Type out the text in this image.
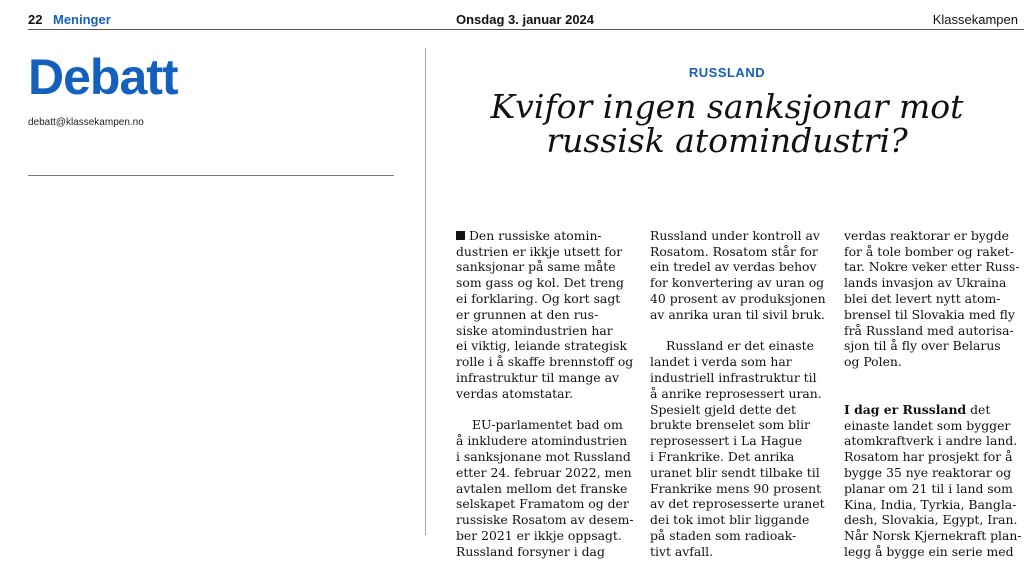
22 Meninger	Onsdag 3. januar 2024	Klassekampen
Debatt
debatt@klassekampen.no
RUSSLAND
Kvifor ingen sanksjonar mot
russisk atomindustri?

Den russiske atomin-
dustrien er ikkje utsett for
sanksjonar på same måte
som gass og kol. Det treng
ei forklaring. Og kort sagt
er grunnen at den rus-
siske atomindustrien har
ei viktig, leiande strategisk
rolle i å skaffe brennstoff og
infrastruktur til mange av
verdas atomstatar.

EU-parlamentet bad om
å inkludere atomindustrien
i sanksjonane mot Russland
etter 24. februar 2022, men
avtalen mellom det franske
selskapet Framatom og der
russiske Rosatom av desem-
ber 2021 er ikkje oppsagt.
Russland forsyner i dag

Russland under kontroll av
Rosatom. Rosatom står for
ein tredel av verdas behov
for konvertering av uran og
40 prosent av produksjonen
av anrika uran til sivil bruk.

Russland er det einaste
landet i verda som har
industriell infrastruktur til
å anrike reprosessert uran.
Spesielt gjeld dette det
brukte brenselet som blir
reprosessert i La Hague
i Frankrike. Det anrika
uranet blir sendt tilbake til
Frankrike mens 90 prosent
av det reprosesserte uranet
dei tok imot blir liggande
på staden som radioak-
tivt avfall.

verdas reaktorar er bygde
for å tole bomber og raket-
tar. Nokre veker etter Russ-
lands invasjon av Ukraina
blei det levert nytt atom-
brensel til Slovakia med fly
frå Russland med autorisa-
sjon til å fly over Belarus
og Polen.

I dag er Russland det
einaste landet som bygger
atomkraftverk i andre land.
Rosatom har prosjekt for å
bygge 35 nye reaktorar og
planar om 21 til i land som
Kina, India, Tyrkia, Bangla-
desh, Slovakia, Egypt, Iran.
Når Norsk Kjernekraft plan-
legg å bygge ein serie med
